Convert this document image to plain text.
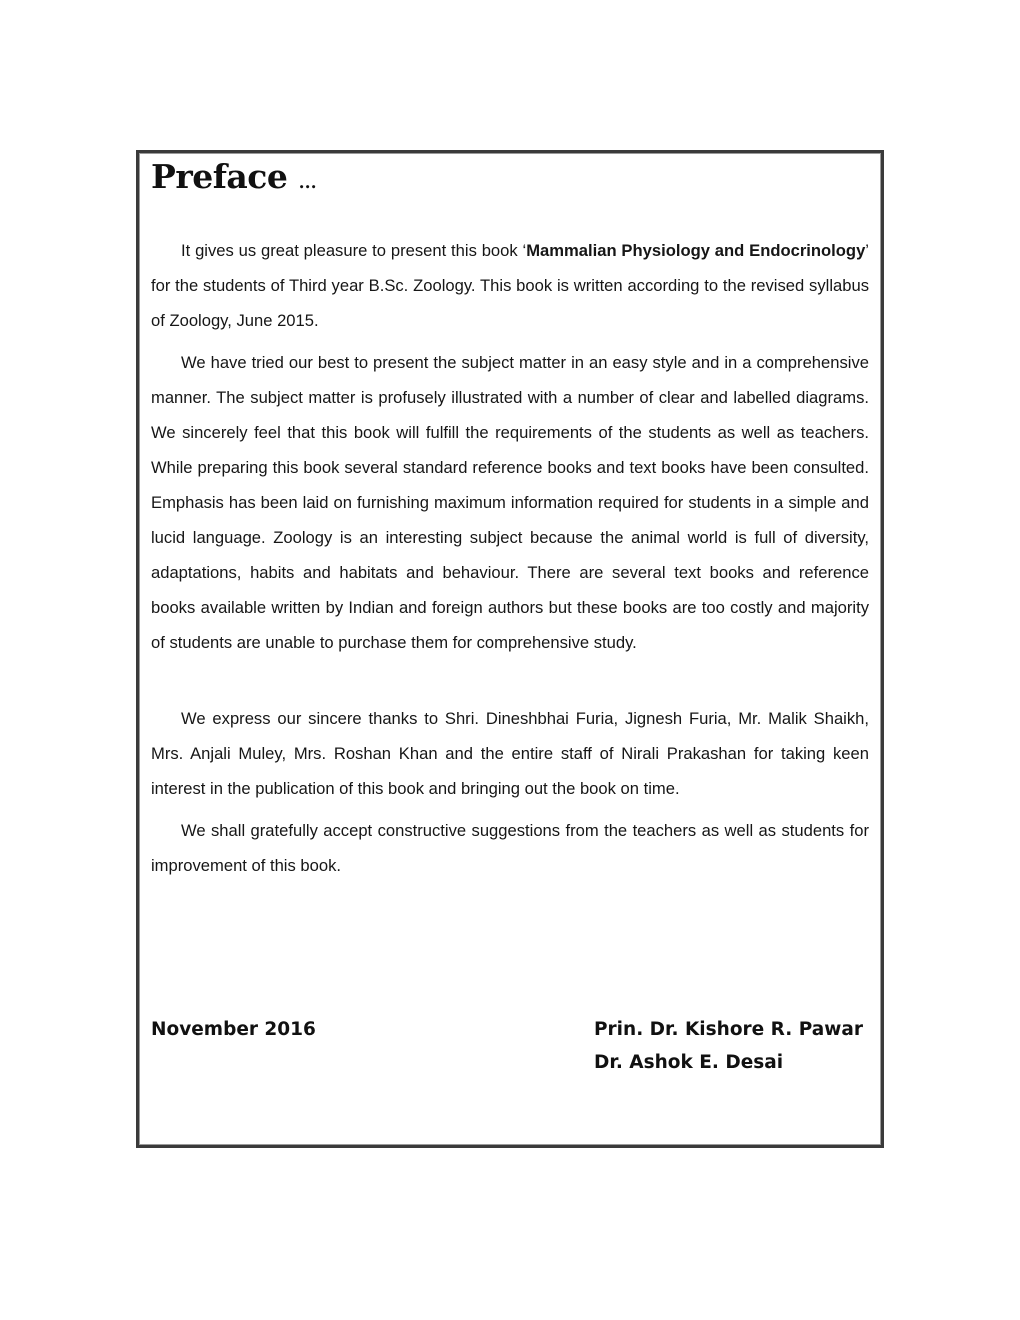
Preface ...

It gives us great pleasure to present this book ‘Mammalian Physiology and Endocrinology’ for the students of Third year B.Sc. Zoology. This book is written according to the revised syllabus of Zoology, June 2015.

We have tried our best to present the subject matter in an easy style and in a comprehensive manner. The subject matter is profusely illustrated with a number of clear and labelled diagrams. We sincerely feel that this book will fulfill the requirements of the students as well as teachers. While preparing this book several standard reference books and text books have been consulted. Emphasis has been laid on furnishing maximum information required for students in a simple and lucid language. Zoology is an interesting subject because the animal world is full of diversity, adaptations, habits and habitats and behaviour. There are several text books and reference books available written by Indian and foreign authors but these books are too costly and majority of students are unable to purchase them for comprehensive study.

We express our sincere thanks to Shri. Dineshbhai Furia, Jignesh Furia, Mr. Malik Shaikh, Mrs. Anjali Muley, Mrs. Roshan Khan and the entire staff of Nirali Prakashan for taking keen interest in the publication of this book and bringing out the book on time.

We shall gratefully accept constructive suggestions from the teachers as well as students for improvement of this book.

November 2016	Prin. Dr. Kishore R. Pawar
Dr. Ashok E. Desai
